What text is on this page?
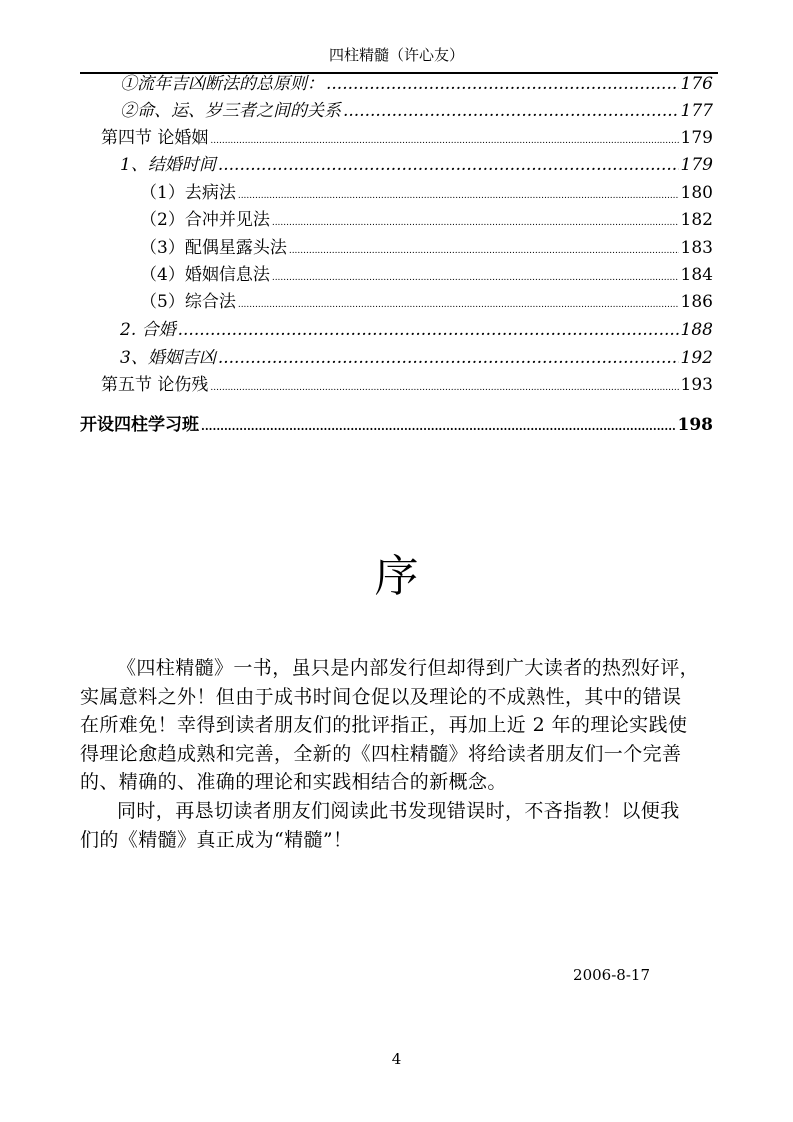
四柱精髓（许心友）
①流年吉凶断法的总原则： .....	176
②命、运、岁三者之间的关系 .....	177
第四节 论婚姻 .....	179
1、结婚时间 .....	179
（1）去病法 .....	180
（2）合冲并见法 .....	182
（3）配偶星露头法 .....	183
（4）婚姻信息法 .....	184
（5）综合法 .....	186
2. 合婚 .....	188
3、婚姻吉凶 .....	192
第五节 论伤残 .....	193
开设四柱学习班 .....	198
序
《四柱精髓》一书，虽只是内部发行但却得到广大读者的热烈好评，
实属意料之外！但由于成书时间仓促以及理论的不成熟性，其中的错误
在所难免！幸得到读者朋友们的批评指正，再加上近 2 年的理论实践使
得理论愈趋成熟和完善，全新的《四柱精髓》将给读者朋友们一个完善
的、精确的、准确的理论和实践相结合的新概念。
同时，再恳切读者朋友们阅读此书发现错误时，不吝指教！以便我
们的《精髓》真正成为“精髓”！
2006-8-17
4
